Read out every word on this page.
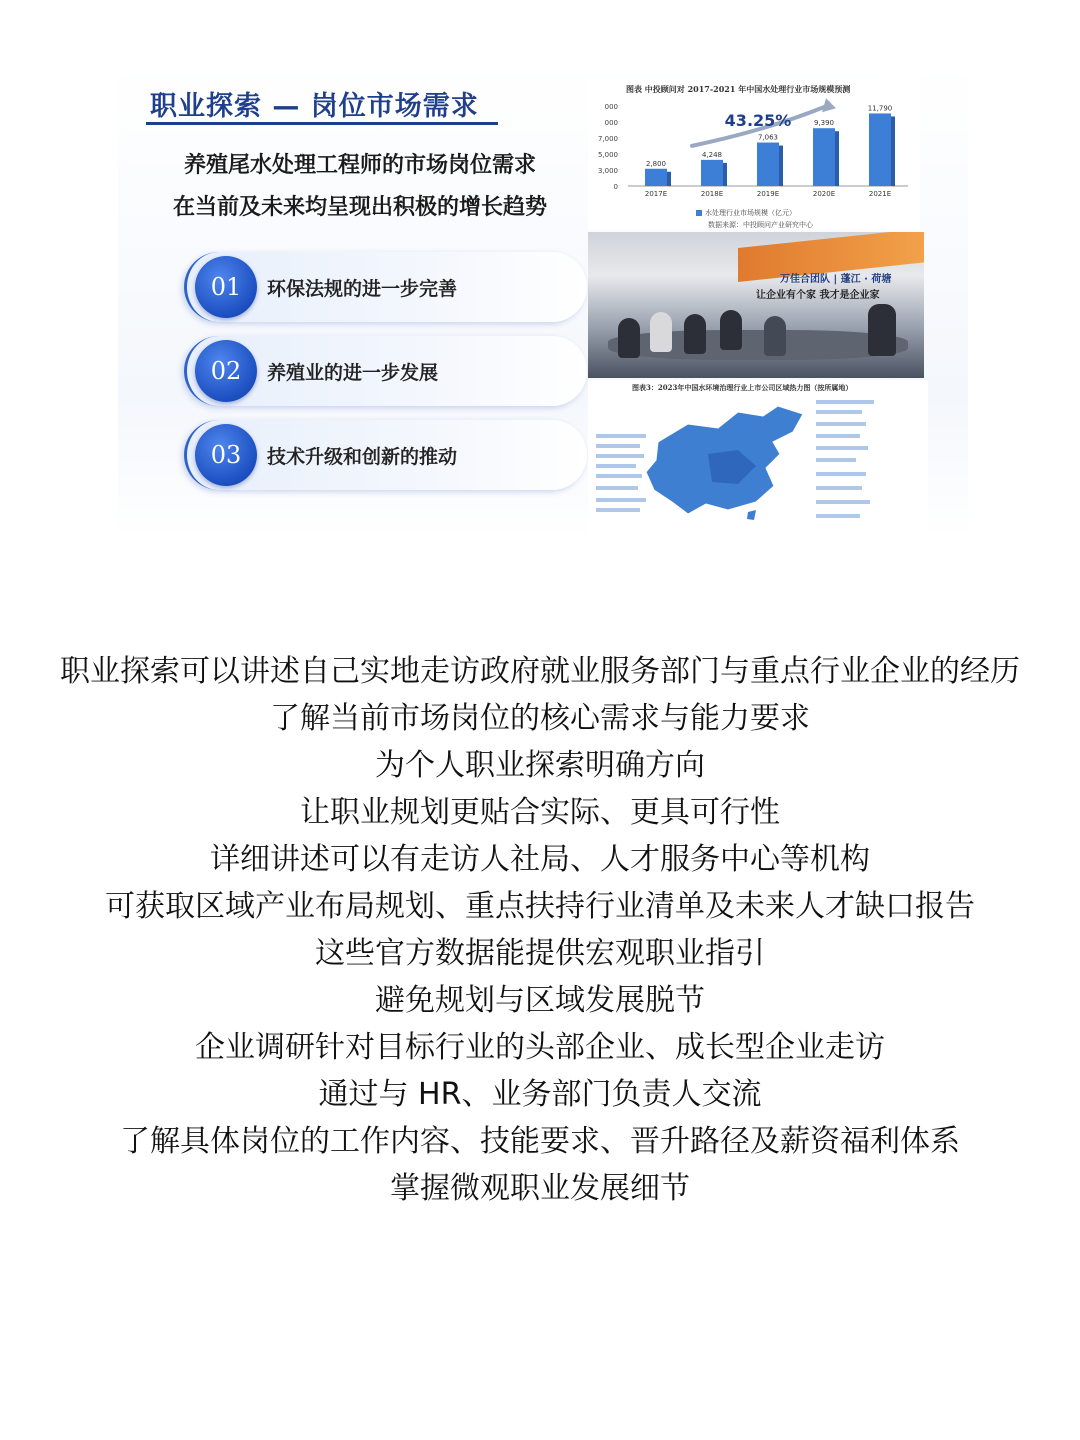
职业探索 — 岗位市场需求

养殖尾水处理工程师的市场岗位需求

在当前及未来均呈现出积极的增长趋势

01	环保法规的进一步完善
02	养殖业的进一步发展
03	技术升级和创新的推动
图表 中投顾问对 2017-2021 年中国水处理行业市场规模预测
0
3,000
5,000
7,000
000
000
2,800
2017E
4,248
2018E
7,063
2019E
9,390
2020E
11,790
2021E
43.25%
水处理行业市场规模（亿元）
数据来源：中投顾问产业研究中心
万佳合团队 | 蓬江 · 荷塘
让企业有个家 我才是企业家
图表3：2023年中国水环境治理行业上市公司区域热力图（按所属地）
职业探索可以讲述自己实地走访政府就业服务部门与重点行业企业的经历
了解当前市场岗位的核心需求与能力要求
为个人职业探索明确方向
让职业规划更贴合实际、更具可行性
详细讲述可以有走访人社局、人才服务中心等机构
可获取区域产业布局规划、重点扶持行业清单及未来人才缺口报告
这些官方数据能提供宏观职业指引
避免规划与区域发展脱节
企业调研针对目标行业的头部企业、成长型企业走访
通过与 HR、业务部门负责人交流
了解具体岗位的工作内容、技能要求、晋升路径及薪资福利体系
掌握微观职业发展细节
